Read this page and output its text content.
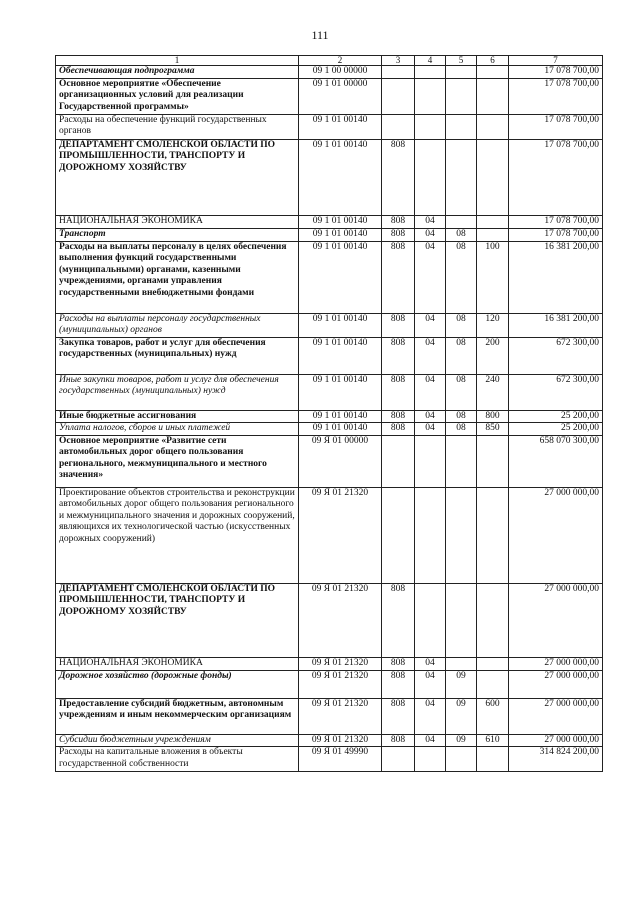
111
1	2	3	4	5	6	7
Обеспечивающая подпрограмма	09 1 00 00000					17 078 700,00
Основное мероприятие «Обеспечение организационных условий для реализации Государственной программы»	09 1 01 00000					17 078 700,00
Расходы на обеспечение функций государственных органов	09 1 01 00140					17 078 700,00
ДЕПАРТАМЕНТ СМОЛЕНСКОЙ ОБЛАСТИ ПО ПРОМЫШЛЕННОСТИ, ТРАНСПОРТУ И ДОРОЖНОМУ ХОЗЯЙСТВУ	09 1 01 00140	808				17 078 700,00
НАЦИОНАЛЬНАЯ ЭКОНОМИКА	09 1 01 00140	808	04			17 078 700,00
Транспорт	09 1 01 00140	808	04	08		17 078 700,00
Расходы на выплаты персоналу в целях обеспечения выполнения функций государственными (муниципальными) органами, казенными учреждениями, органами управления государственными внебюджетными фондами	09 1 01 00140	808	04	08	100	16 381 200,00
Расходы на выплаты персоналу государственных (муниципальных) органов	09 1 01 00140	808	04	08	120	16 381 200,00
Закупка товаров, работ и услуг для обеспечения государственных (муниципальных) нужд	09 1 01 00140	808	04	08	200	672 300,00
Иные закупки товаров, работ и услуг для обеспечения государственных (муниципальных) нужд	09 1 01 00140	808	04	08	240	672 300,00
Иные бюджетные ассигнования	09 1 01 00140	808	04	08	800	25 200,00
Уплата налогов, сборов и иных платежей	09 1 01 00140	808	04	08	850	25 200,00
Основное мероприятие «Развитие сети автомобильных дорог общего пользования регионального, межмуниципального и местного значения»	09 Я 01 00000					658 070 300,00
Проектирование объектов строительства и реконструкции автомобильных дорог общего пользования регионального и межмуниципального значения и дорожных сооружений, являющихся их технологической частью (искусственных дорожных сооружений)	09 Я 01 21320					27 000 000,00
ДЕПАРТАМЕНТ СМОЛЕНСКОЙ ОБЛАСТИ ПО ПРОМЫШЛЕННОСТИ, ТРАНСПОРТУ И ДОРОЖНОМУ ХОЗЯЙСТВУ	09 Я 01 21320	808				27 000 000,00
НАЦИОНАЛЬНАЯ ЭКОНОМИКА	09 Я 01 21320	808	04			27 000 000,00
Дорожное хозяйство (дорожные фонды)	09 Я 01 21320	808	04	09		27 000 000,00
Предоставление субсидий бюджетным, автономным учреждениям и иным некоммерческим организациям	09 Я 01 21320	808	04	09	600	27 000 000,00
Субсидии бюджетным учреждениям	09 Я 01 21320	808	04	09	610	27 000 000,00
Расходы на капитальные вложения в объекты государственной собственности	09 Я 01 49990					314 824 200,00
